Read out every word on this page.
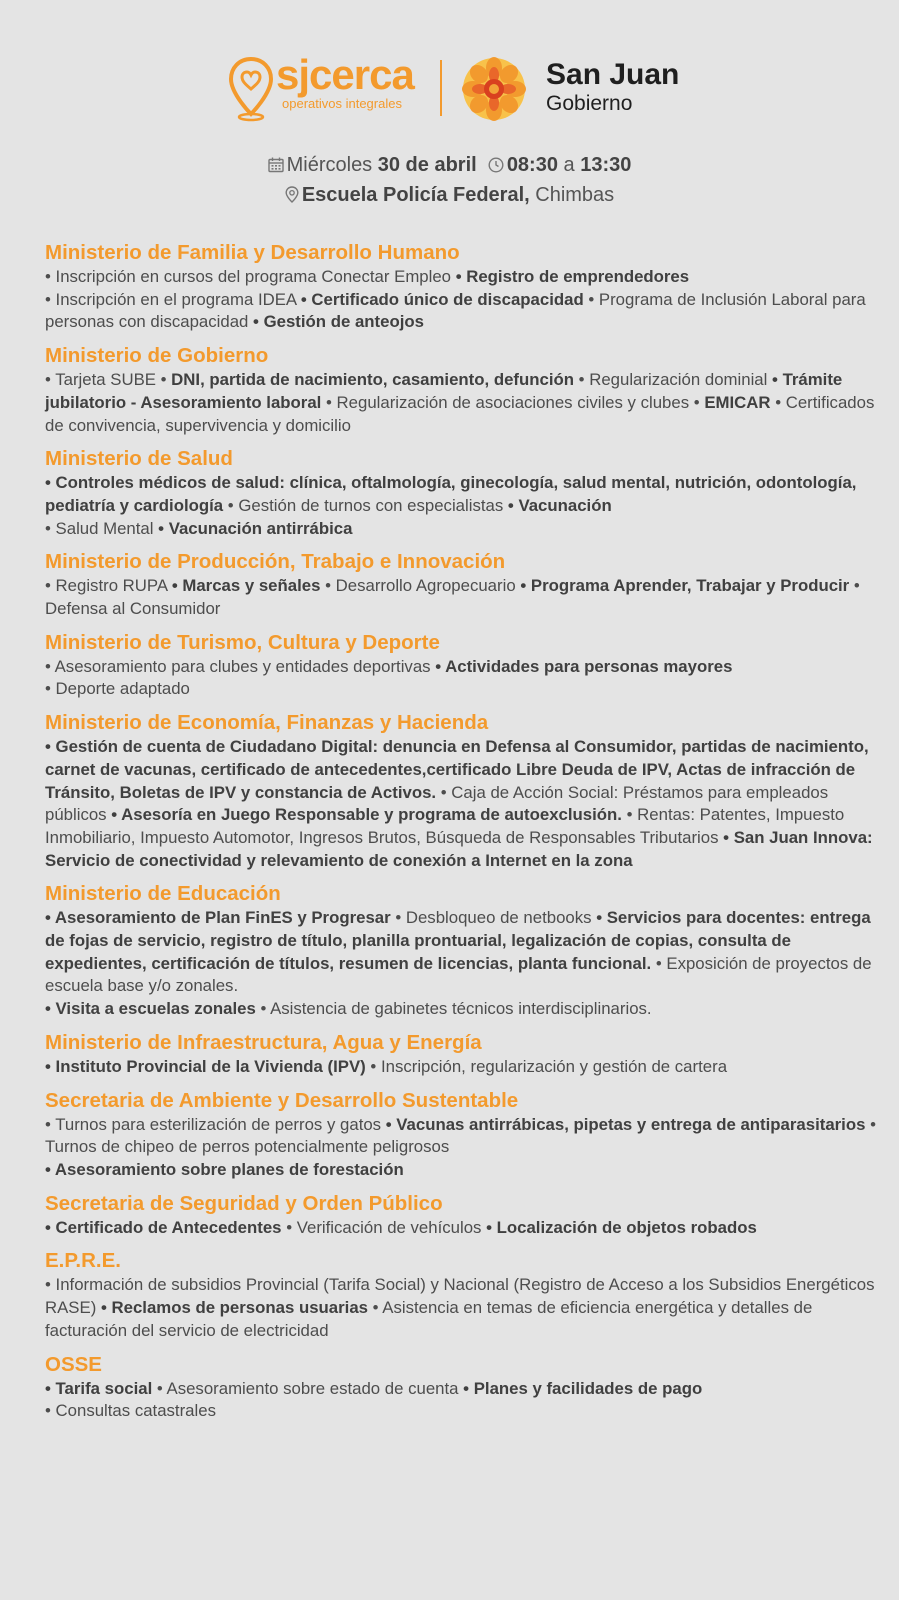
sjcerca
operativos integrales
San Juan
Gobierno
Miércoles 30 de abril 08:30 a 13:30
Escuela Policía Federal, Chimbas
Ministerio de Familia y Desarrollo Humano
• Inscripción en cursos del programa Conectar Empleo • Registro de emprendedores
• Inscripción en el programa IDEA • Certificado único de discapacidad • Programa de Inclusión Laboral para personas con discapacidad • Gestión de anteojos
Ministerio de Gobierno
• Tarjeta SUBE • DNI, partida de nacimiento, casamiento, defunción • Regularización dominial • Trámite jubilatorio - Asesoramiento laboral • Regularización de asociaciones civiles y clubes • EMICAR • Certificados de convivencia, supervivencia y domicilio
Ministerio de Salud
• Controles médicos de salud: clínica, oftalmología, ginecología, salud mental, nutrición, odontología, pediatría y cardiología • Gestión de turnos con especialistas • Vacunación
• Salud Mental • Vacunación antirrábica
Ministerio de Producción, Trabajo e Innovación
• Registro RUPA • Marcas y señales • Desarrollo Agropecuario • Programa Aprender, Trabajar y Producir • Defensa al Consumidor
Ministerio de Turismo, Cultura y Deporte
• Asesoramiento para clubes y entidades deportivas • Actividades para personas mayores
• Deporte adaptado
Ministerio de Economía, Finanzas y Hacienda
• Gestión de cuenta de Ciudadano Digital: denuncia en Defensa al Consumidor, partidas de nacimiento, carnet de vacunas, certificado de antecedentes,certificado Libre Deuda de IPV, Actas de infracción de Tránsito, Boletas de IPV y constancia de Activos. • Caja de Acción Social: Préstamos para empleados públicos • Asesoría en Juego Responsable y programa de autoexclusión. • Rentas: Patentes, Impuesto Inmobiliario, Impuesto Automotor, Ingresos Brutos, Búsqueda de Responsables Tributarios • San Juan Innova: Servicio de conectividad y relevamiento de conexión a Internet en la zona
Ministerio de Educación
• Asesoramiento de Plan FinES y Progresar • Desbloqueo de netbooks • Servicios para docentes: entrega de fojas de servicio, registro de título, planilla prontuarial, legalización de copias, consulta de expedientes, certificación de títulos, resumen de licencias, planta funcional. • Exposición de proyectos de escuela base y/o zonales.
• Visita a escuelas zonales • Asistencia de gabinetes técnicos interdisciplinarios.
Ministerio de Infraestructura, Agua y Energía
• Instituto Provincial de la Vivienda (IPV) • Inscripción, regularización y gestión de cartera
Secretaria de Ambiente y Desarrollo Sustentable
• Turnos para esterilización de perros y gatos • Vacunas antirrábicas, pipetas y entrega de antiparasitarios • Turnos de chipeo de perros potencialmente peligrosos
• Asesoramiento sobre planes de forestación
Secretaria de Seguridad y Orden Público
• Certificado de Antecedentes • Verificación de vehículos • Localización de objetos robados
E.P.R.E.
• Información de subsidios Provincial (Tarifa Social) y Nacional (Registro de Acceso a los Subsidios Energéticos RASE) • Reclamos de personas usuarias • Asistencia en temas de eficiencia energética y detalles de facturación del servicio de electricidad
OSSE
• Tarifa social • Asesoramiento sobre estado de cuenta • Planes y facilidades de pago
• Consultas catastrales
